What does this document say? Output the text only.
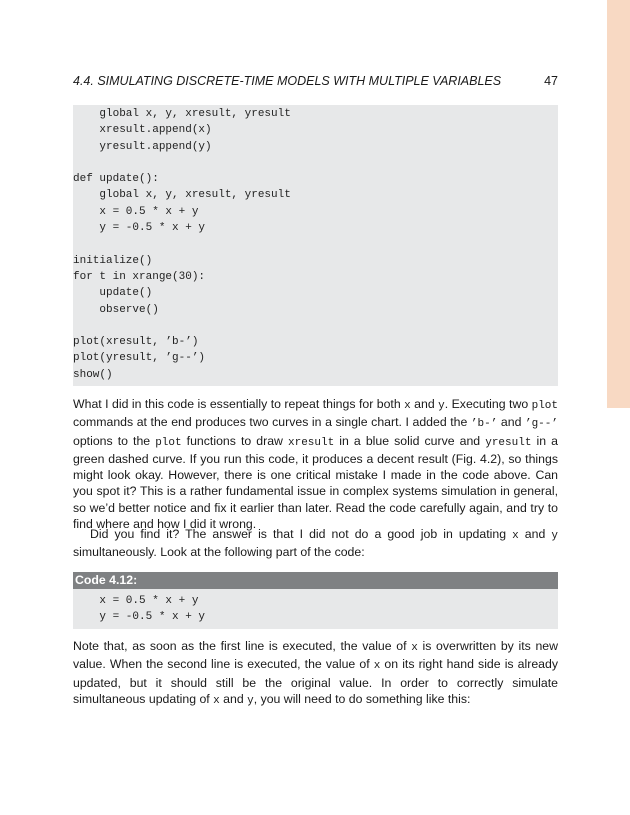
4.4. SIMULATING DISCRETE-TIME MODELS WITH MULTIPLE VARIABLES	47
global x, y, xresult, yresult
xresult.append(x)
yresult.append(y)

def update():
global x, y, xresult, yresult
x = 0.5 * x + y
y = -0.5 * x + y

initialize()
for t in xrange(30):
update()
observe()

plot(xresult, ’b-’)
plot(yresult, ’g--’)
show()

What I did in this code is essentially to repeat things for both x and y. Executing two plot commands at the end produces two curves in a single chart. I added the ’b-’ and ’g--’ options to the plot functions to draw xresult in a blue solid curve and yresult in a green dashed curve. If you run this code, it produces a decent result (Fig. 4.2), so things might look okay. However, there is one critical mistake I made in the code above. Can you spot it? This is a rather fundamental issue in complex systems simulation in general, so we’d better notice and fix it earlier than later. Read the code carefully again, and try to find where and how I did it wrong.

Did you find it? The answer is that I did not do a good job in updating x and y simultaneously. Look at the following part of the code:

Code 4.12:
x = 0.5 * x + y
y = -0.5 * x + y

Note that, as soon as the first line is executed, the value of x is overwritten by its new value. When the second line is executed, the value of x on its right hand side is already updated, but it should still be the original value. In order to correctly simulate simultaneous updating of x and y, you will need to do something like this:
